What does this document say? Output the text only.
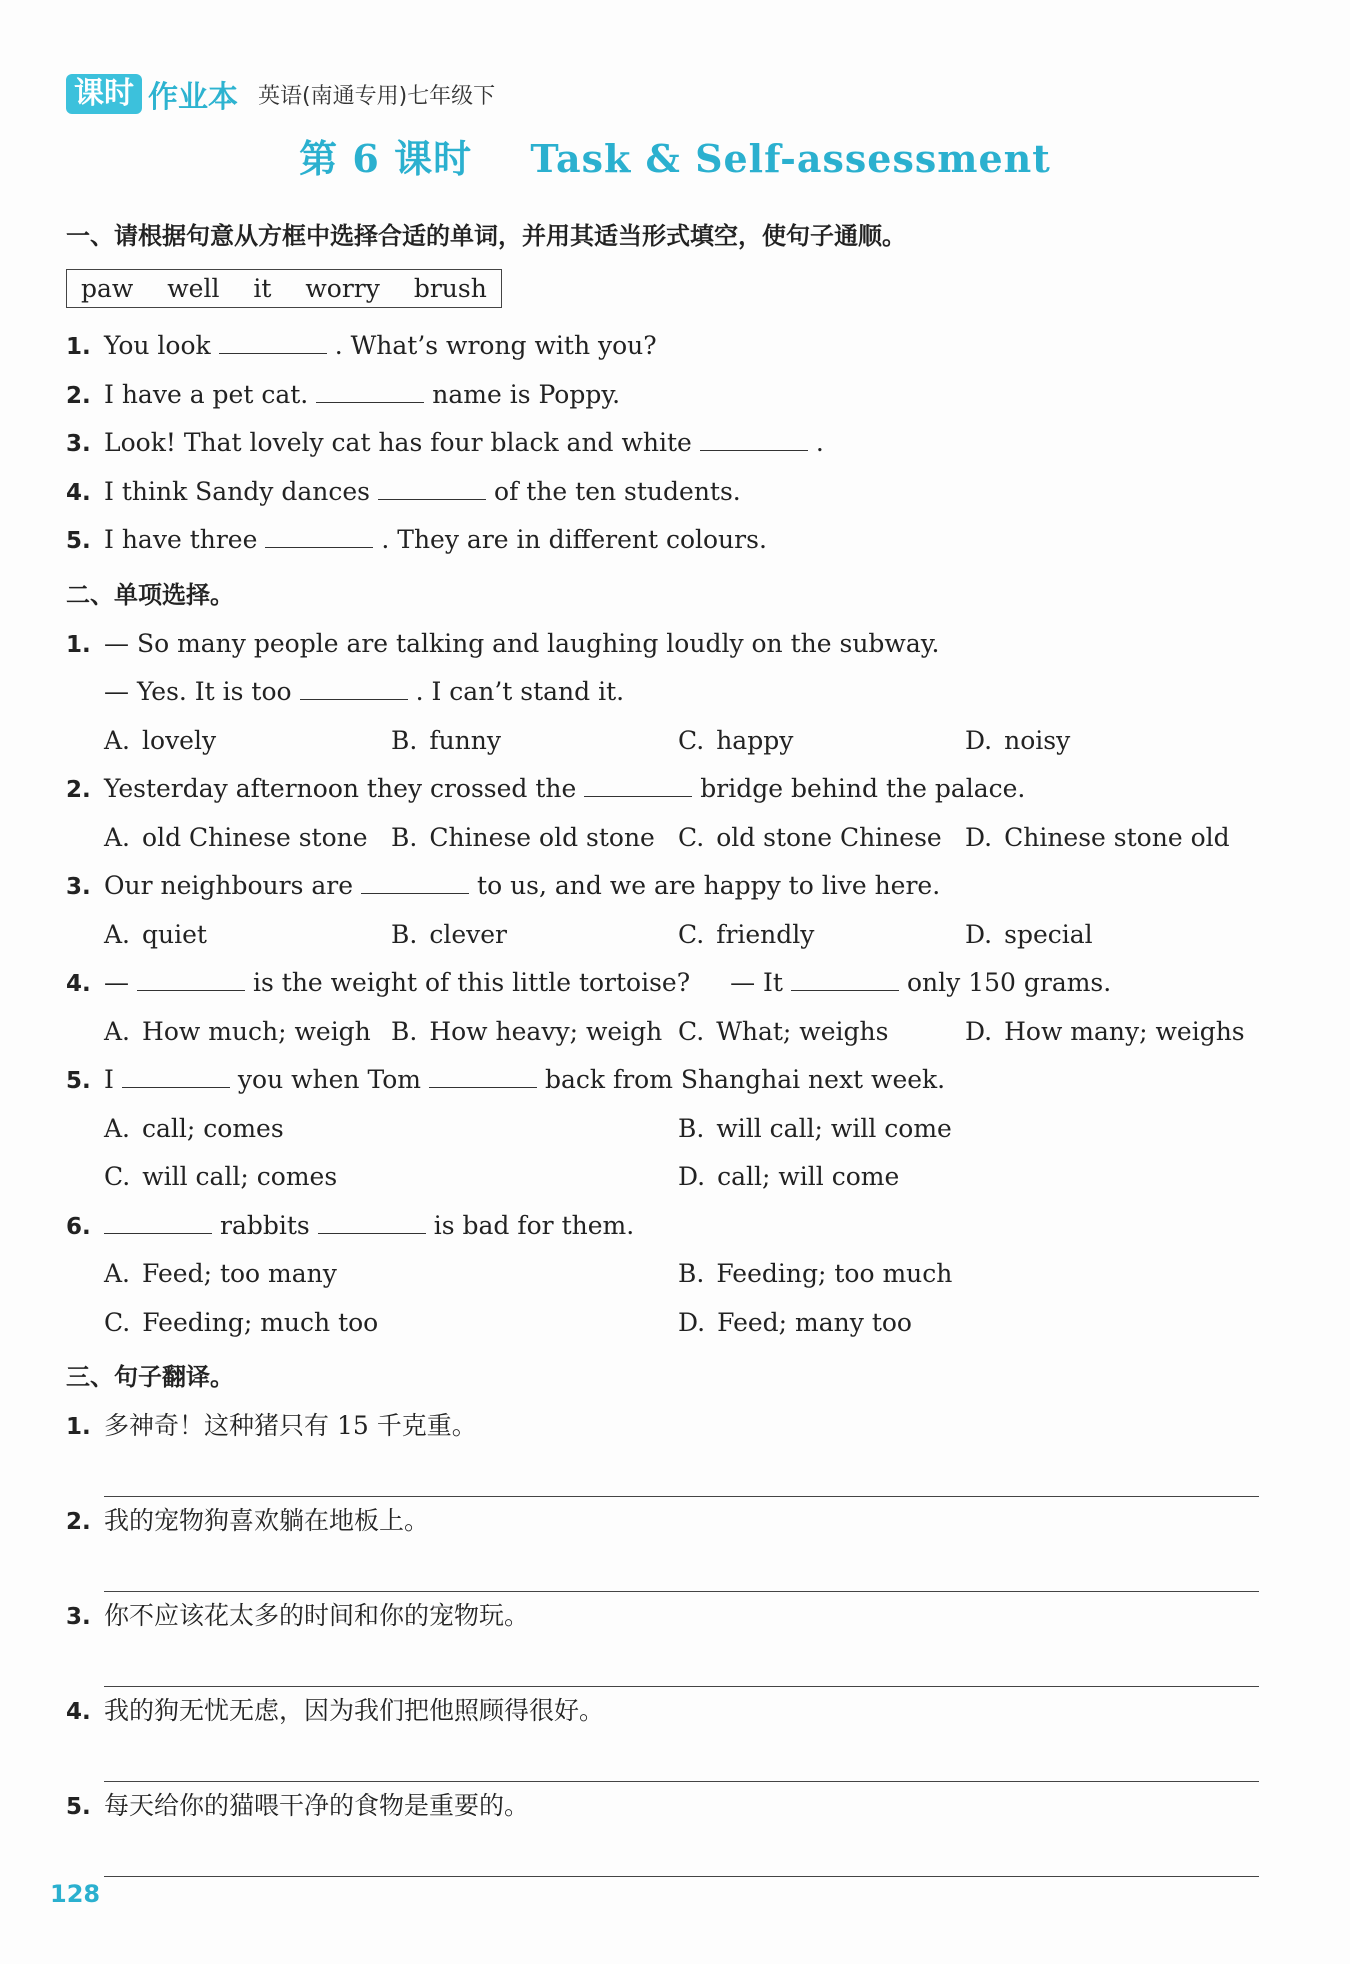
课时 作业本 英语(南通专用)七年级下
第 6 课时 Task & Self-assessment
一、请根据句意从方框中选择合适的单词，并用其适当形式填空，使句子通顺。
paw well it worry brush
1. You look	. What’s wrong with you?
2. I have a pet cat.	name is Poppy.
3. Look! That lovely cat has four black and white	.
4. I think Sandy dances	of the ten students.
5. I have three	. They are in different colours.
二、单项选择。
1. — So many people are talking and laughing loudly on the subway.
— Yes. It is too	. I can’t stand it.
A. lovely	B. funny	C. happy	D. noisy
2. Yesterday afternoon they crossed the	bridge behind the palace.
A. old Chinese stone B. Chinese old stone C. old stone Chinese D. Chinese stone old
3. Our neighbours are	to us, and we are happy to live here.
A. quiet	B. clever	C. friendly	D. special
4. —	is the weight of this little tortoise? — It	only 150 grams.
A. How much; weigh B. How heavy; weigh C. What; weighs	D. How many; weighs
5. I	you when Tom	back from Shanghai next week.
A. call; comes	B. will call; will come
C. will call; comes	D. call; will come
6.	rabbits	is bad for them.
A. Feed; too many	B. Feeding; too much
C. Feeding; much too	D. Feed; many too
三、句子翻译。
1. 多神奇！这种猪只有 15 千克重。
2. 我的宠物狗喜欢躺在地板上。
3. 你不应该花太多的时间和你的宠物玩。
4. 我的狗无忧无虑，因为我们把他照顾得很好。
5. 每天给你的猫喂干净的食物是重要的。
128
